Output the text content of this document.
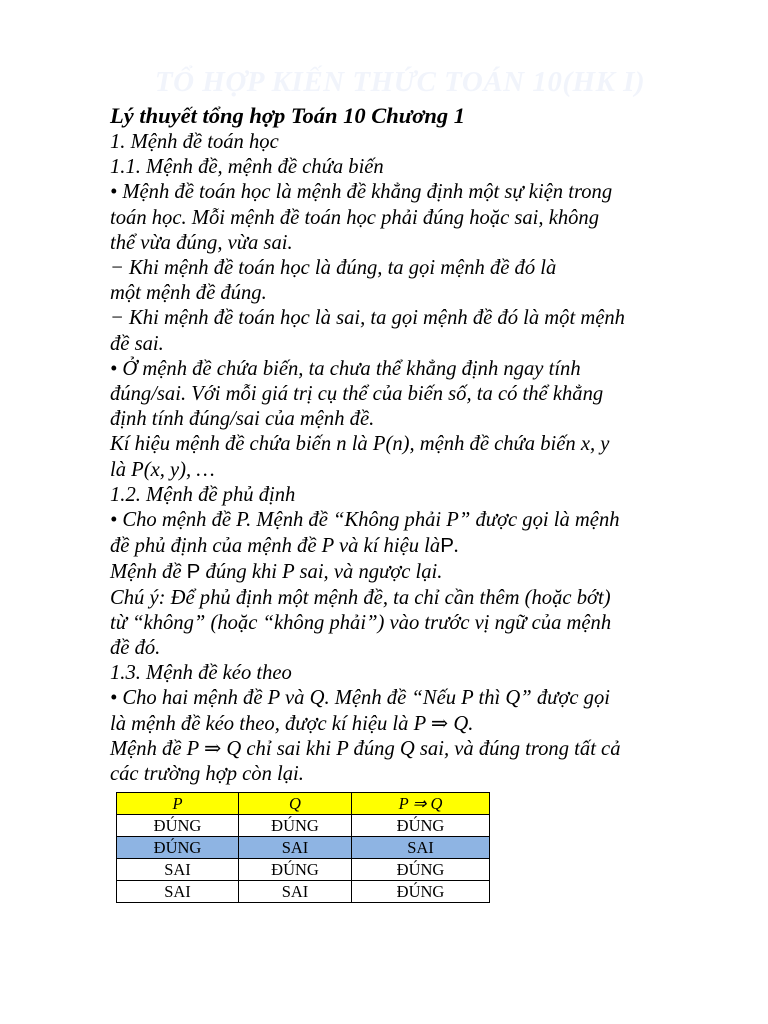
TỔ HỢP KIẾN THỨC TOÁN 10(HK I)
Lý thuyết tổng hợp Toán 10 Chương 1
1. Mệnh đề toán học
1.1. Mệnh đề, mệnh đề chứa biến
• Mệnh đề toán học là mệnh đề khẳng định một sự kiện trong
toán học. Mỗi mệnh đề toán học phải đúng hoặc sai, không
thể vừa đúng, vừa sai.
− Khi mệnh đề toán học là đúng, ta gọi mệnh đề đó là
một mệnh đề đúng.
− Khi mệnh đề toán học là sai, ta gọi mệnh đề đó là một mệnh
đề sai.
• Ở mệnh đề chứa biến, ta chưa thể khẳng định ngay tính
đúng/sai. Với mỗi giá trị cụ thể của biến số, ta có thể khẳng
định tính đúng/sai của mệnh đề.
Kí hiệu mệnh đề chứa biến n là P(n), mệnh đề chứa biến x, y
là P(x, y), …
1.2. Mệnh đề phủ định
• Cho mệnh đề P. Mệnh đề “Không phải P” được gọi là mệnh
đề phủ định của mệnh đề P và kí hiệu làP.
Mệnh đề P đúng khi P sai, và ngược lại.
Chú ý: Để phủ định một mệnh đề, ta chỉ cần thêm (hoặc bớt)
từ “không” (hoặc “không phải”) vào trước vị ngữ của mệnh
đề đó.
1.3. Mệnh đề kéo theo
• Cho hai mệnh đề P và Q. Mệnh đề “Nếu P thì Q” được gọi
là mệnh đề kéo theo, được kí hiệu là P ⇒ Q.
Mệnh đề P ⇒ Q chỉ sai khi P đúng Q sai, và đúng trong tất cả
các trường hợp còn lại.
P	Q	P ⇒ Q
ĐÚNG	ĐÚNG	ĐÚNG
ĐÚNG	SAI	SAI
SAI	ĐÚNG	ĐÚNG
SAI	SAI	ĐÚNG
